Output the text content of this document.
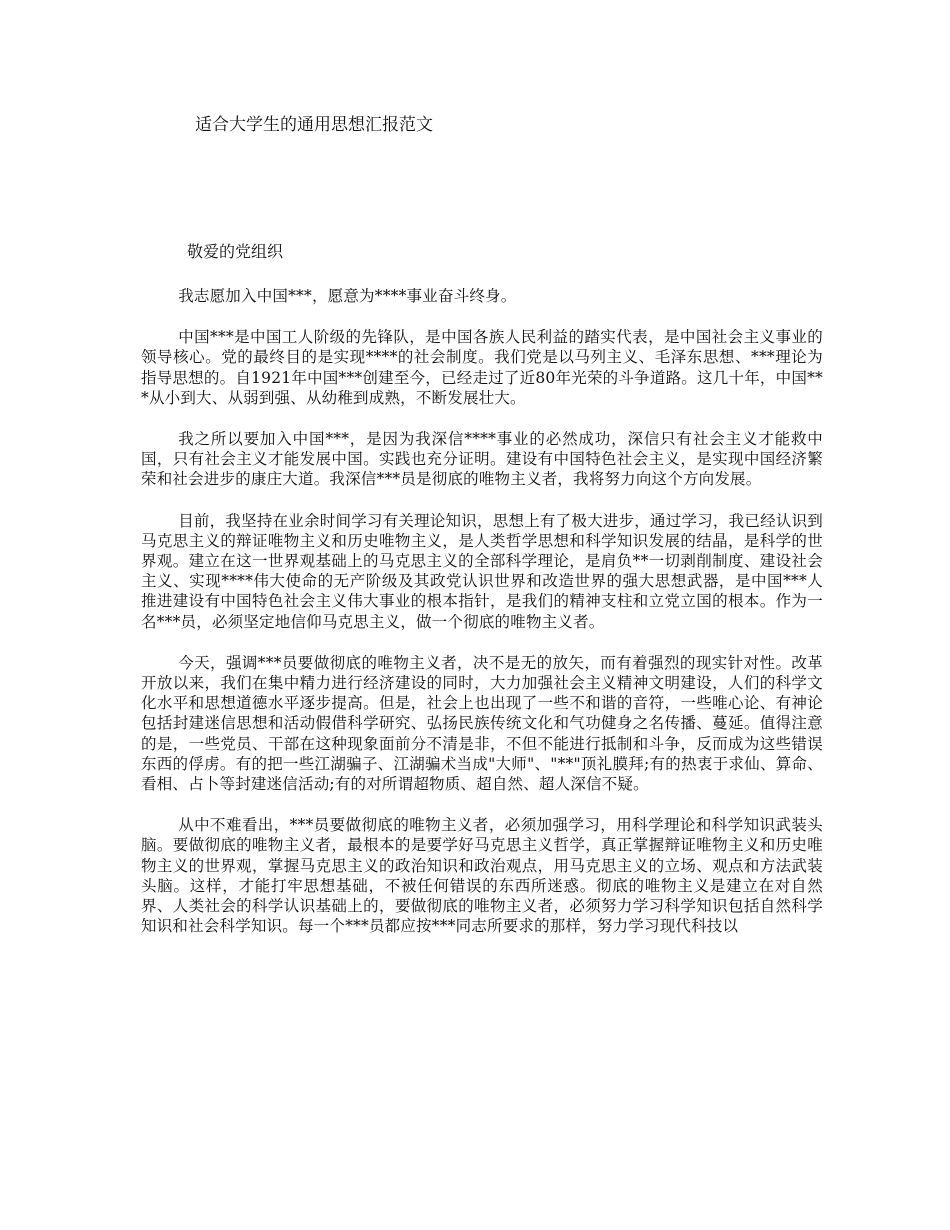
适合大学生的通用思想汇报范文

敬爱的党组织

我志愿加入中国***，愿意为****事业奋斗终身。

中国***是中国工人阶级的先锋队，是中国各族人民利益的踏实代表，是中国社会主义事业的领导核心。党的最终目的是实现****的社会制度。我们党是以马列主义、毛泽东思想、***理论为指导思想的。自1921年中国***创建至今，已经走过了近80年光荣的斗争道路。这几十年，中国***从小到大、从弱到强、从幼稚到成熟，不断发展壮大。

我之所以要加入中国***，是因为我深信****事业的必然成功，深信只有社会主义才能救中国，只有社会主义才能发展中国。实践也充分证明。建设有中国特色社会主义，是实现中国经济繁荣和社会进步的康庄大道。我深信***员是彻底的唯物主义者，我将努力向这个方向发展。

目前，我坚持在业余时间学习有关理论知识，思想上有了极大进步，通过学习，我已经认识到马克思主义的辩证唯物主义和历史唯物主义，是人类哲学思想和科学知识发展的结晶，是科学的世界观。建立在这一世界观基础上的马克思主义的全部科学理论，是肩负**一切剥削制度、建设社会主义、实现****伟大使命的无产阶级及其政党认识世界和改造世界的强大思想武器，是中国***人推进建设有中国特色社会主义伟大事业的根本指针，是我们的精神支柱和立党立国的根本。作为一名***员，必须坚定地信仰马克思主义，做一个彻底的唯物主义者。

今天，强调***员要做彻底的唯物主义者，决不是无的放矢，而有着强烈的现实针对性。改革开放以来，我们在集中精力进行经济建设的同时，大力加强社会主义精神文明建设，人们的科学文化水平和思想道德水平逐步提高。但是，社会上也出现了一些不和谐的音符，一些唯心论、有神论包括封建迷信思想和活动假借科学研究、弘扬民族传统文化和气功健身之名传播、蔓延。值得注意的是，一些党员、干部在这种现象面前分不清是非，不但不能进行抵制和斗争，反而成为这些错误东西的俘虏。有的把一些江湖骗子、江湖骗术当成"大师"、"**"顶礼膜拜;有的热衷于求仙、算命、看相、占卜等封建迷信活动;有的对所谓超物质、超自然、超人深信不疑。

从中不难看出，***员要做彻底的唯物主义者，必须加强学习，用科学理论和科学知识武装头脑。要做彻底的唯物主义者，最根本的是要学好马克思主义哲学，真正掌握辩证唯物主义和历史唯物主义的世界观，掌握马克思主义的政治知识和政治观点，用马克思主义的立场、观点和方法武装头脑。这样，才能打牢思想基础，不被任何错误的东西所迷惑。彻底的唯物主义是建立在对自然界、人类社会的科学认识基础上的，要做彻底的唯物主义者，必须努力学习科学知识包括自然科学知识和社会科学知识。每一个***员都应按***同志所要求的那样，努力学习现代科技以
